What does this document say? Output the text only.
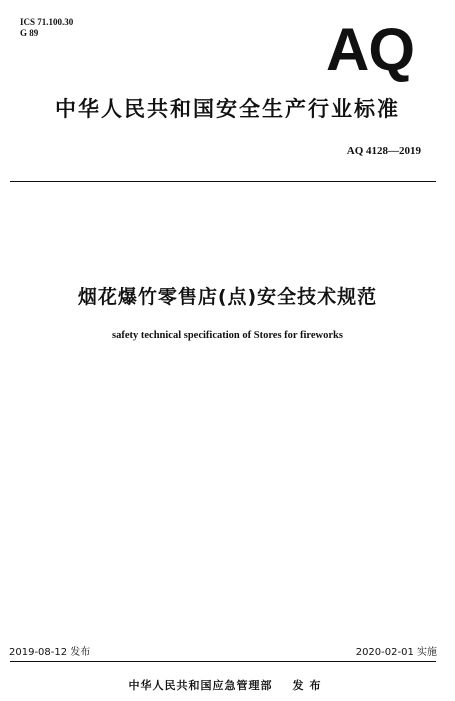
ICS 71.100.30
G 89	AQ
中华人民共和国安全生产行业标准
AQ 4128—2019
烟花爆竹零售店(点)安全技术规范
safety technical specification of Stores for fireworks
2019-08-12 发布	2020-02-01 实施
中华人民共和国应急管理部 发布
